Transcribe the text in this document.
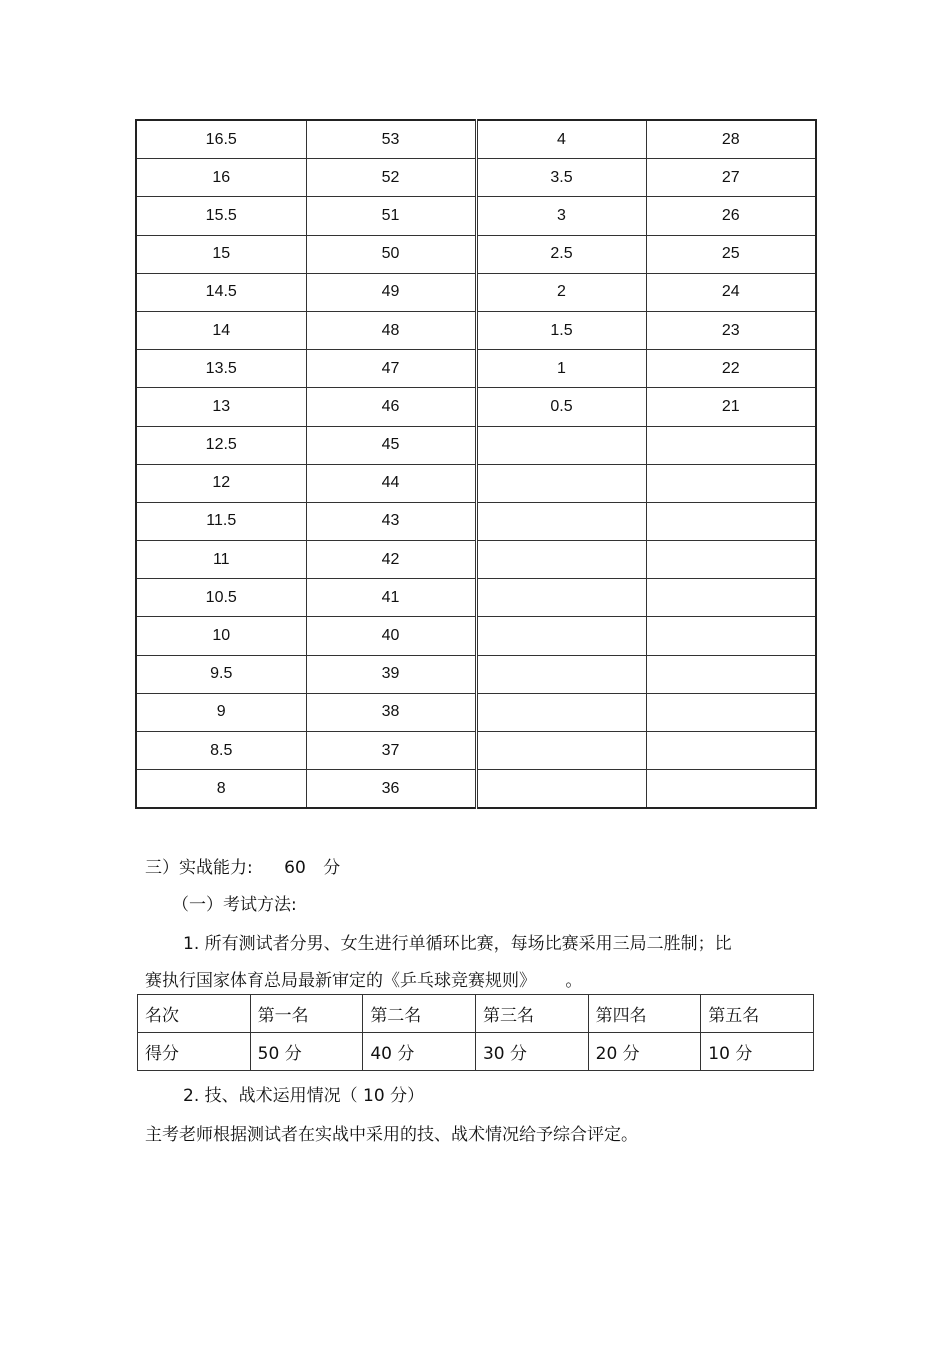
16.5	53	4	28
16	52	3.5	27
15.5	51	3	26
15	50	2.5	25
14.5	49	2	24
14	48	1.5	23
13.5	47	1	22
13	46	0.5	21
12.5	45		
12	44		
11.5	43		
11	42		
10.5	41		
10	40		
9.5	39		
9	38		
8.5	37		
8	36		
三）实战能力: 60 分
（一）考试方法:
1. 所有测试者分男、女生进行单循环比赛，每场比赛采用三局二胜制；比
赛执行国家体育总局最新审定的《乒乓球竞赛规则》 。
名次	第一名	第二名	第三名	第四名	第五名
得分	50 分	40 分	30 分	20 分	10 分
2. 技、战术运用情况（ 10 分）
主考老师根据测试者在实战中采用的技、战术情况给予综合评定。
